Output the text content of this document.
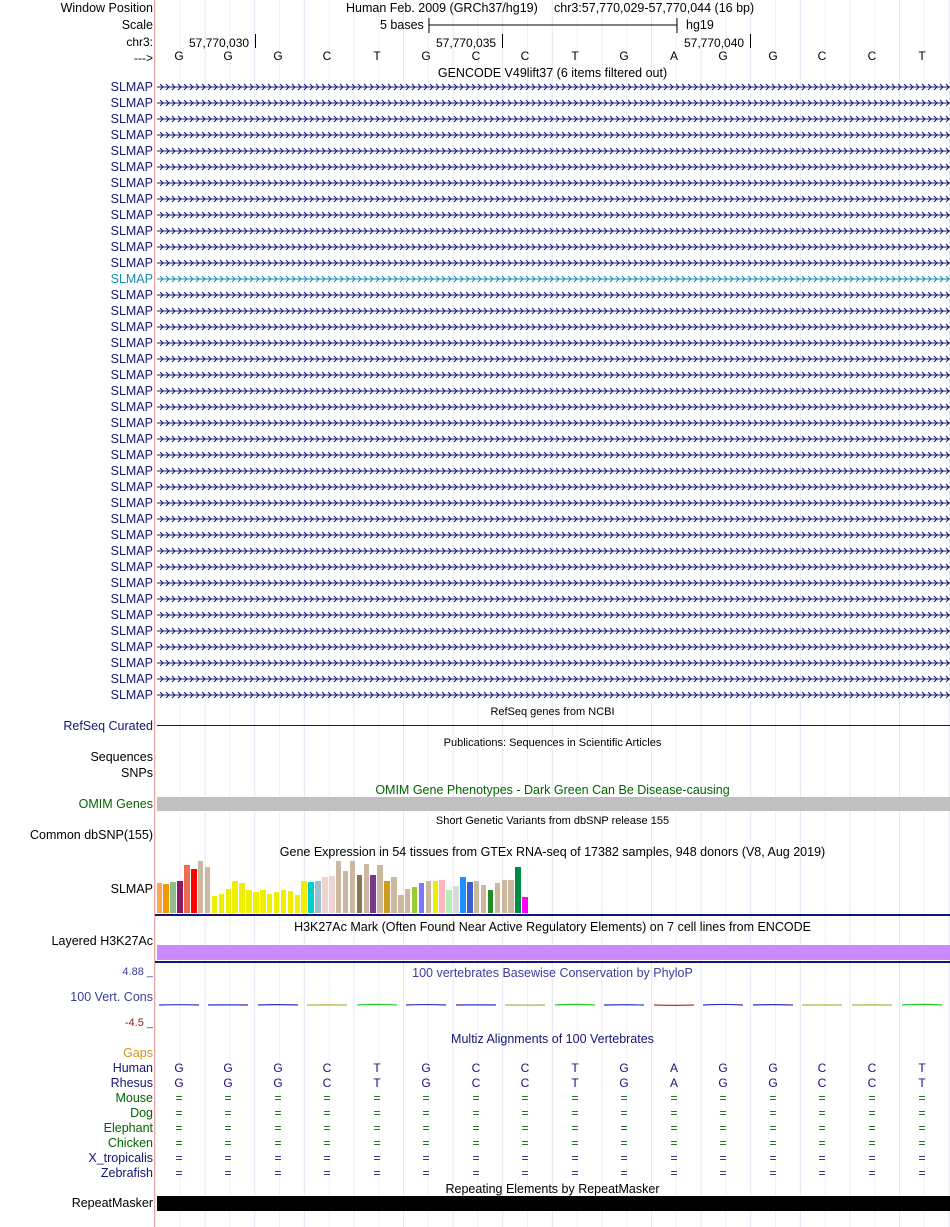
Window Position
Scale
chr3:
--->
Human Feb. 2009 (GRCh37/hg19) chr3:57,770,029-57,770,044 (16 bp)
5 bases	hg19
57,770,030	57,770,035	57,770,040
G	G	G	C	T	G	C	C	T	G	A	G	G	C	C	T
GENCODE V49lift37 (6 items filtered out)
SLMAP
SLMAP
SLMAP
SLMAP
SLMAP
SLMAP
SLMAP
SLMAP
SLMAP
SLMAP
SLMAP
SLMAP
SLMAP
SLMAP
SLMAP
SLMAP
SLMAP
SLMAP
SLMAP
SLMAP
SLMAP
SLMAP
SLMAP
SLMAP
SLMAP
SLMAP
SLMAP
SLMAP
SLMAP
SLMAP
SLMAP
SLMAP
SLMAP
SLMAP
SLMAP
SLMAP
SLMAP
SLMAP
SLMAP
RefSeq genes from NCBI
RefSeq Curated
Publications: Sequences in Scientific Articles
Sequences
SNPs
OMIM Gene Phenotypes - Dark Green Can Be Disease-causing
OMIM Genes
Short Genetic Variants from dbSNP release 155
Common dbSNP(155)
Gene Expression in 54 tissues from GTEx RNA-seq of 17382 samples, 948 donors (V8, Aug 2019)
SLMAP
H3K27Ac Mark (Often Found Near Active Regulatory Elements) on 7 cell lines from ENCODE
Layered H3K27Ac
100 vertebrates Basewise Conservation by PhyloP
4.88 _
100 Vert. Cons
-4.5 _
Multiz Alignments of 100 Vertebrates
Gaps
Human	G	G	G	C	T	G	C	C	T	G	A	G	G	C	C	T
Rhesus	G	G	G	C	T	G	C	C	T	G	A	G	G	C	C	T
Mouse	=	=	=	=	=	=	=	=	=	=	=	=	=	=	=	=
Dog	=	=	=	=	=	=	=	=	=	=	=	=	=	=	=	=
Elephant	=	=	=	=	=	=	=	=	=	=	=	=	=	=	=	=
Chicken	=	=	=	=	=	=	=	=	=	=	=	=	=	=	=	=
X_tropicalis	=	=	=	=	=	=	=	=	=	=	=	=	=	=	=	=
Zebrafish	=	=	=	=	=	=	=	=	=	=	=	=	=	=	=	=
Repeating Elements by RepeatMasker
RepeatMasker
